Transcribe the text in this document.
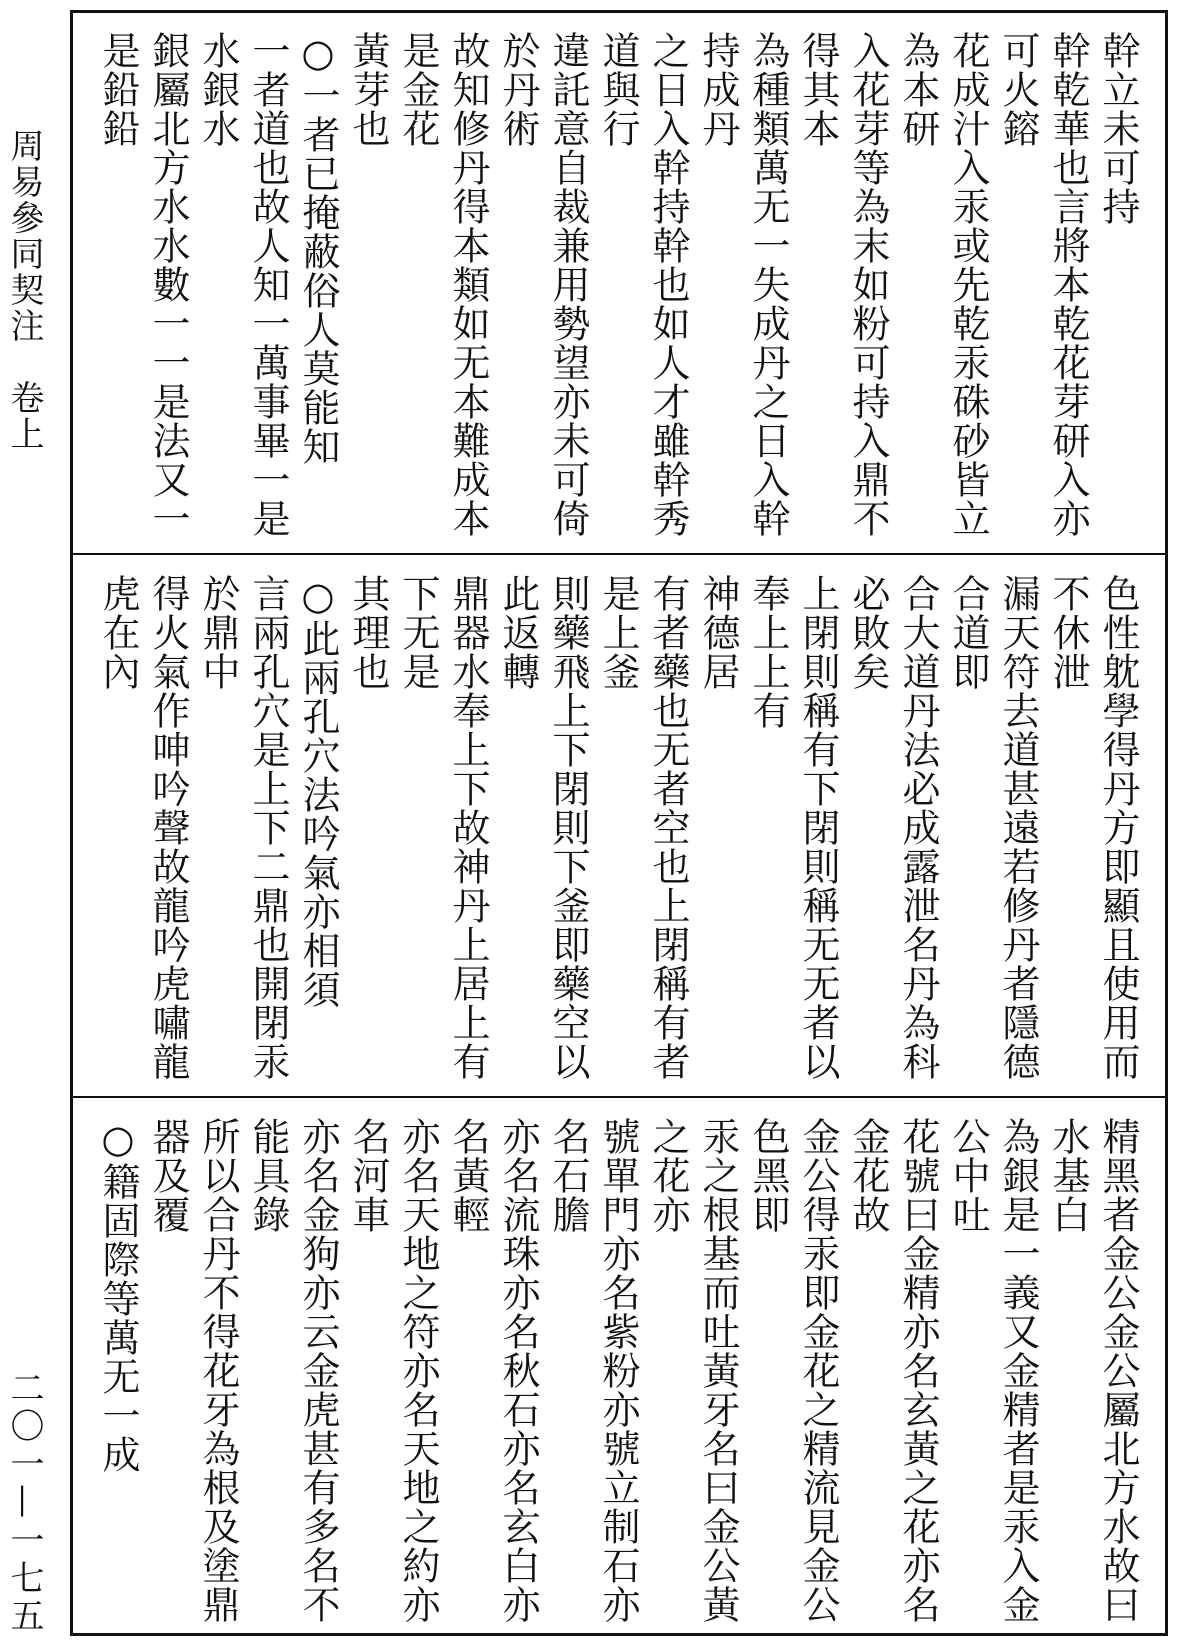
周易參同契注　卷上
二〇一—一七五
幹立未可持
幹乾華也言將本乾花芽研入亦可火鎔
花成汁入汞或先乾汞硃砂皆立為本研
入花芽等為末如粉可持入鼎不得其本
為種類萬无一失成丹之日入幹持成丹
之日入幹持幹也如人才雖幹秀道與行
違託意自裁兼用勢望亦未可倚於丹術
故知修丹得本類如无本難成本是金花
黃芽也
○一者已掩蔽俗人莫能知
一者道也故人知一萬事畢一是水銀水
銀屬北方水水數一一是法又一是鉛鉛
色性躭學得丹方即顯且使用而不休泄
漏天符去道甚遠若修丹者隱德合道即
合大道丹法必成露泄名丹為科必敗矣
上閉則稱有下閉則稱无无者以奉上上有
神德居
有者藥也无者空也上閉稱有者是上釜
則藥飛上下閉則下釜即藥空以此返轉
鼎器水奉上下故神丹上居上有下无是
其理也
○此兩孔穴法吟氣亦相須
言兩孔穴是上下二鼎也開閉汞於鼎中
得火氣作呻吟聲故龍吟虎嘯龍虎在內
精黑者金公金公屬北方水故曰水基白
為銀是一義又金精者是汞入金公中吐
花號曰金精亦名玄黃之花亦名金花故
金公得汞即金花之精流見金公色黑即
汞之根基而吐黃牙名曰金公黃之花亦
號單門亦名紫粉亦號立制石亦名石膽
亦名流珠亦名秋石亦名玄白亦名黃輕
亦名天地之符亦名天地之約亦名河車
亦名金狗亦云金虎甚有多名不能具錄
所以合丹不得花牙為根及塗鼎器及覆
○籍固際等萬无一成
